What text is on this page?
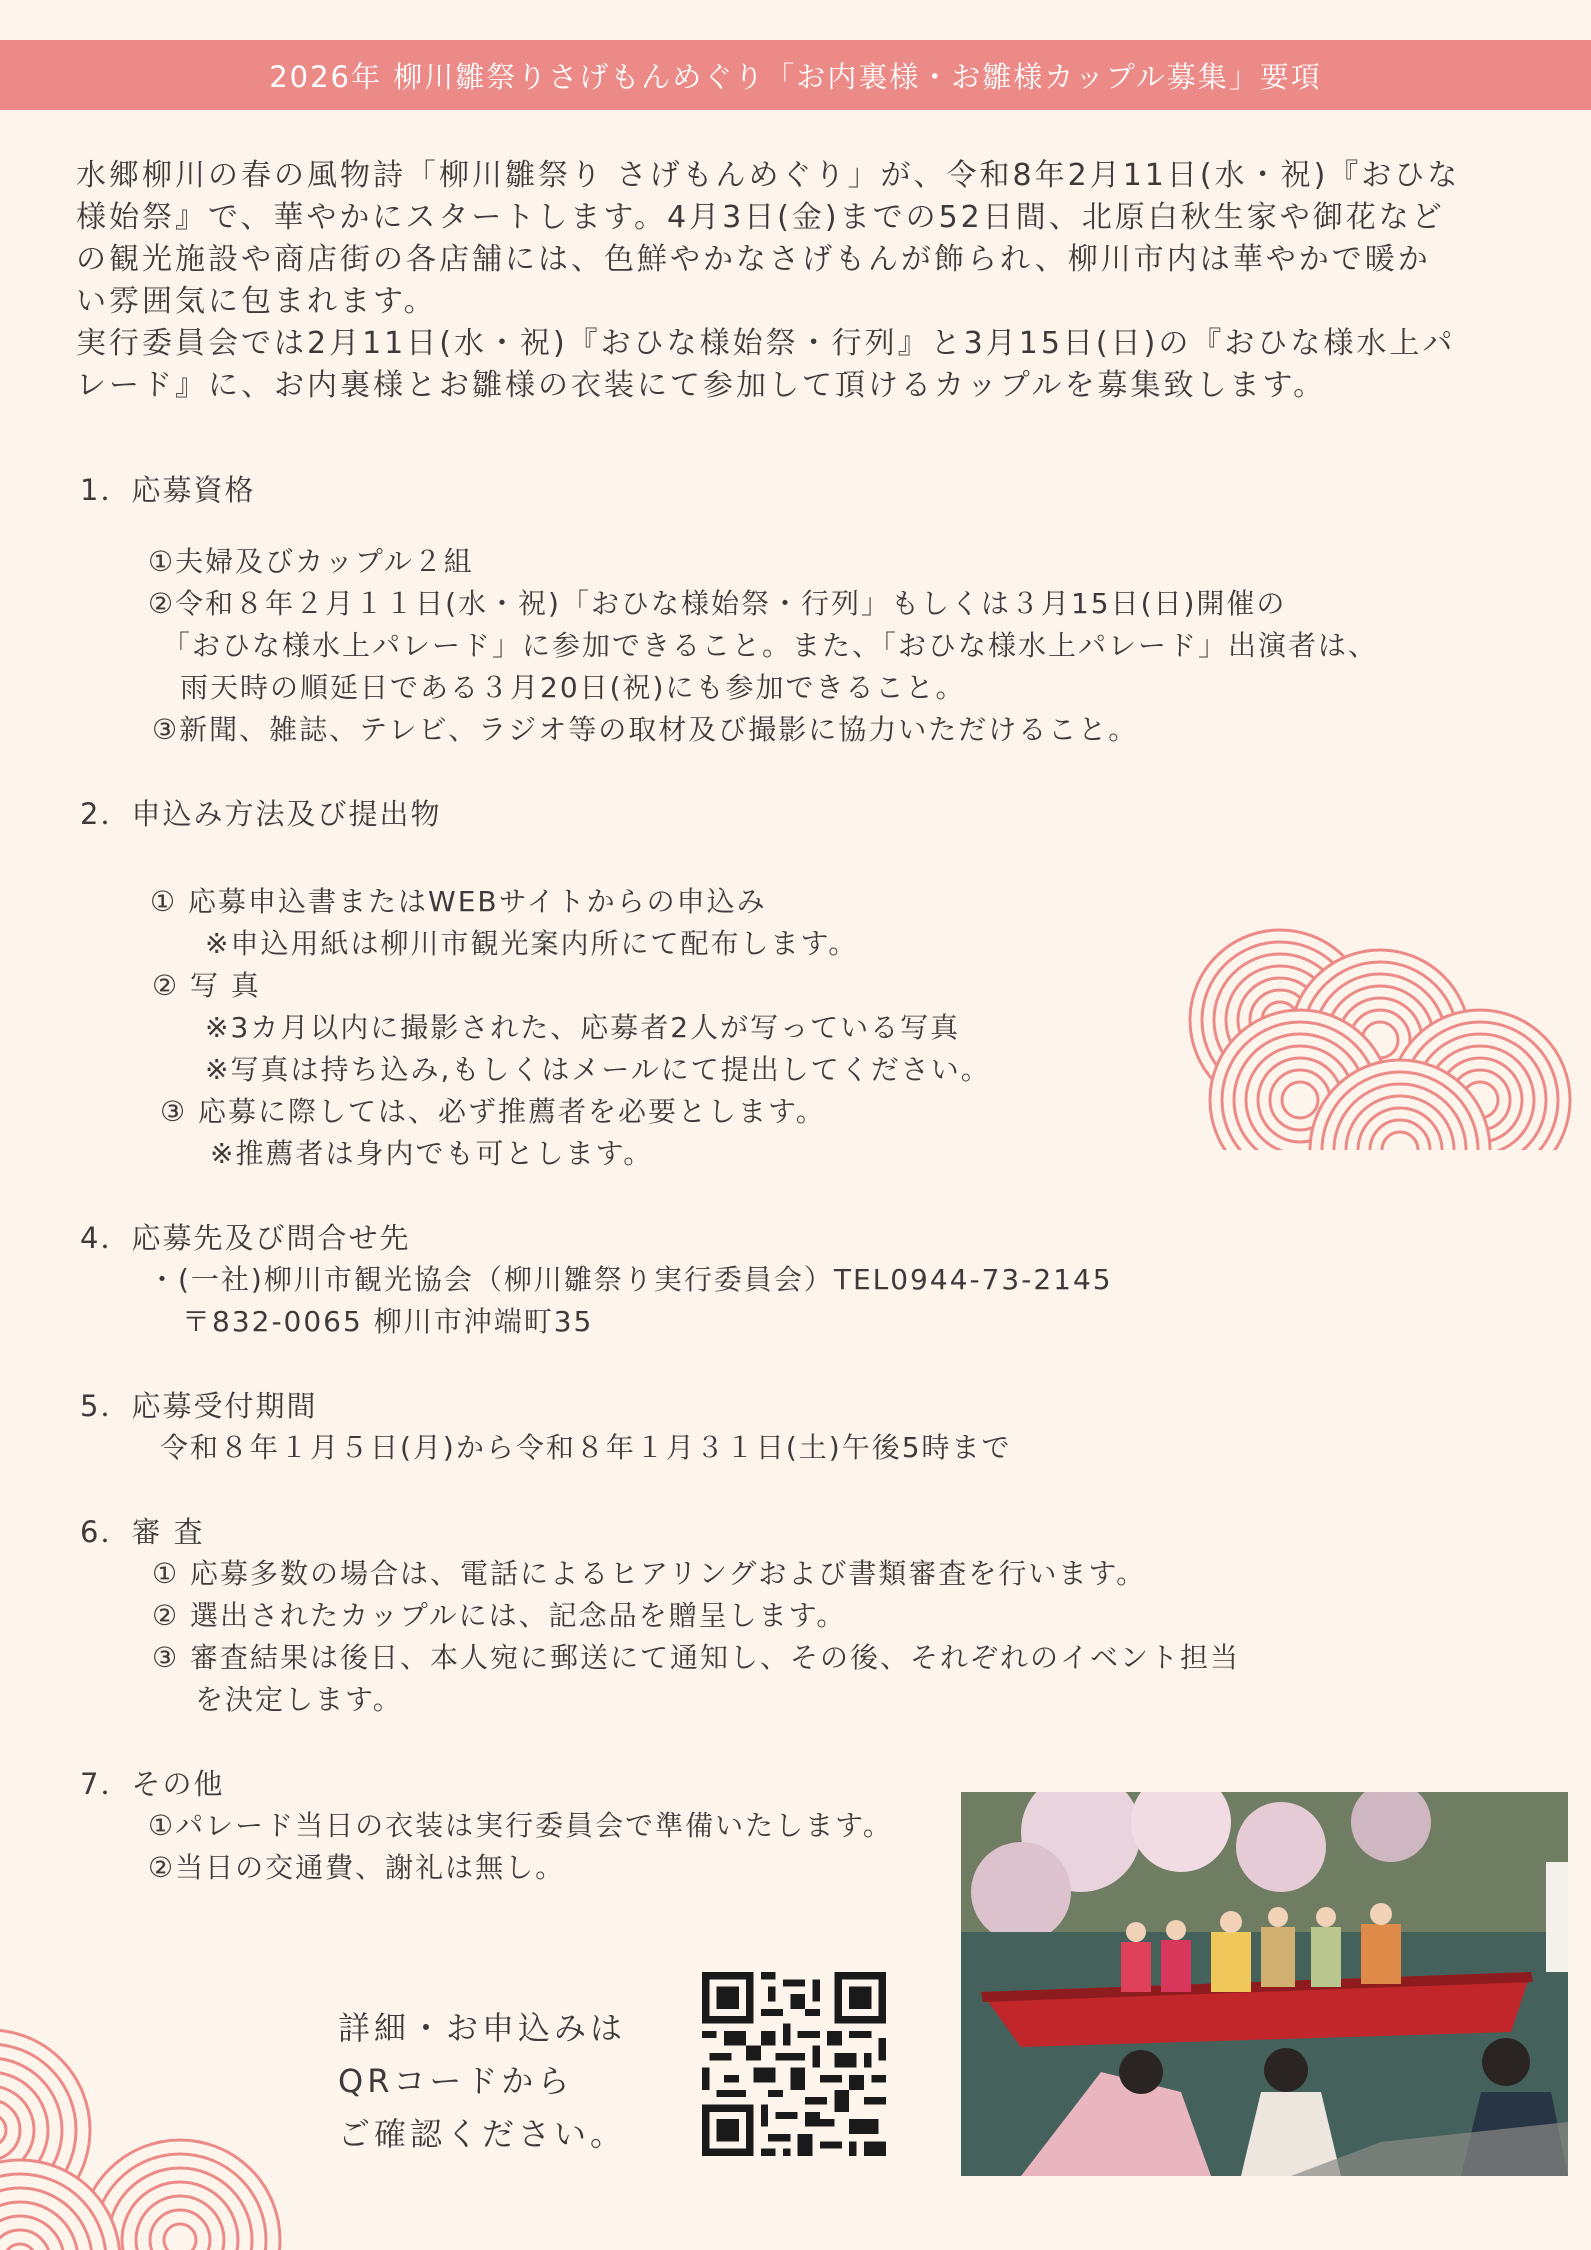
2026年 柳川雛祭りさげもんめぐり「お内裏様・お雛様カップル募集」要項

水郷柳川の春の風物詩「柳川雛祭り さげもんめぐり」が、令和8年2月11日(水・祝)『おひな

様始祭』で、華やかにスタートします。4月3日(金)までの52日間、北原白秋生家や御花など

の観光施設や商店街の各店舗には、色鮮やかなさげもんが飾られ、柳川市内は華やかで暖か

い雰囲気に包まれます。

実行委員会では2月11日(水・祝)『おひな様始祭・行列』と3月15日(日)の『おひな様水上パ

レード』に、お内裏様とお雛様の衣装にて参加して頂けるカップルを募集致します。

1．応募資格
①夫婦及びカップル２組
②令和８年２月１１日(水・祝)「おひな様始祭・行列」もしくは３月15日(日)開催の
「おひな様水上パレード」に参加できること。また、「おひな様水上パレード」出演者は、
雨天時の順延日である３月20日(祝)にも参加できること。
③新聞、雑誌、テレビ、ラジオ等の取材及び撮影に協力いただけること。
2．申込み方法及び提出物
① 応募申込書またはWEBサイトからの申込み
※申込用紙は柳川市観光案内所にて配布します。
② 写 真
※3カ月以内に撮影された、応募者2人が写っている写真
※写真は持ち込み,もしくはメールにて提出してください。
③ 応募に際しては、必ず推薦者を必要とします。
※推薦者は身内でも可とします。
4．応募先及び問合せ先
・(一社)柳川市観光協会（柳川雛祭り実行委員会）TEL0944-73-2145
〒832-0065 柳川市沖端町35
5．応募受付期間
令和８年１月５日(月)から令和８年１月３１日(土)午後5時まで
6．審 査
① 応募多数の場合は、電話によるヒアリングおよび書類審査を行います。
② 選出されたカップルには、記念品を贈呈します。
③ 審査結果は後日、本人宛に郵送にて通知し、その後、それぞれのイベント担当
を決定します。
7．その他
①パレード当日の衣装は実行委員会で準備いたします。
②当日の交通費、謝礼は無し。
詳細・お申込みは
QRコードから
ご確認ください。
